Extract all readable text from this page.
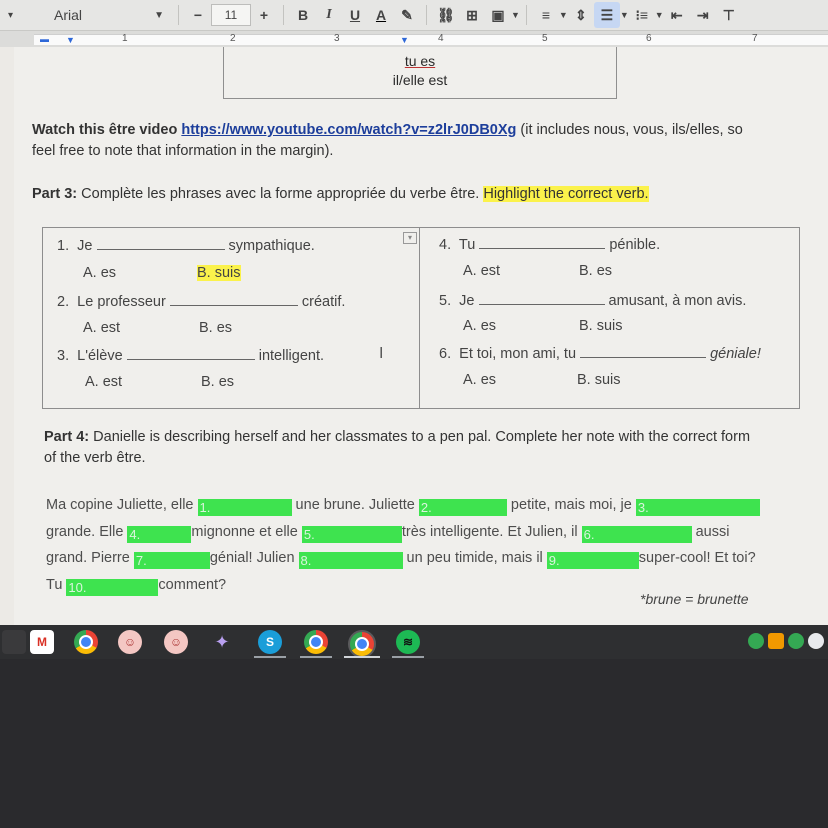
▾	Arial	▼	−	11	+	B	I	U	A	✎	⛓ ⊞ ▣ ▼	≡ ▼ ⇕ ☰ ▼ ⁝≡ ▼ ⇤	⇥	⊤
1	2	3	4	5	6	7
▬ ▼	▼
tu es
il/elle est
Watch this être video https://www.youtube.com/watch?v=z2lrJ0DB0Xg (it includes nous, vous, ils/elles, so
feel free to note that information in the margin).
Part 3: Complète les phrases avec la forme appropriée du verbe être. Highlight the correct verb.
▾
1. Je	sympathique.
A. es	B. suis
2. Le professeur	créatif.
A. est	B. es
3. L'élève	intelligent.
A. est	B. es
I
4. Tu	pénible.
A. est	B. es
5. Je	amusant, à mon avis.
A. es	B. suis
6. Et toi, mon ami, tu	géniale!
A. es	B. suis
Part 4: Danielle is describing herself and her classmates to a pen pal. Complete her note with the correct form
of the verb être.
Ma copine Juliette, elle 1.	une brune. Juliette 2.	petite, mais moi, je 3.
grande. Elle 4.	mignonne et elle 5.	très intelligente. Et Julien, il 6.	aussi
grand. Pierre 7.	génial! Julien 8.	un peu timide, mais il 9.	super-cool! Et toi?
Tu 10.	comment?
*brune = brunette
M	☺	☺	✦	S	≋
